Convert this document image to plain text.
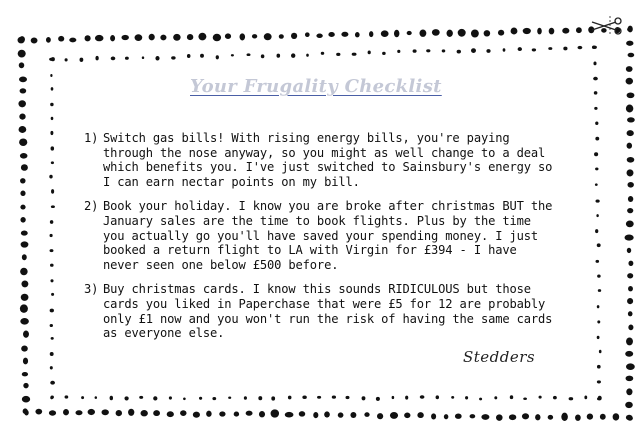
Your Frugality Checklist
1) Switch gas bills! With rising energy bills, you're paying through the nose anyway, so you might as well change to a deal which benefits you. I've just switched to Sainsbury's energy so I can earn nectar points on my bill.
2) Book your holiday. I know you are broke after christmas BUT the January sales are the time to book flights. Plus by the time you actually go you'll have saved your spending money. I just booked a return flight to LA with Virgin for £394 - I have never seen one below £500 before.
3) Buy christmas cards. I know this sounds RIDICULOUS but those cards you liked in Paperchase that were £5 for 12 are probably only £1 now and you won't run the risk of having the same cards as everyone else.
Stedders
